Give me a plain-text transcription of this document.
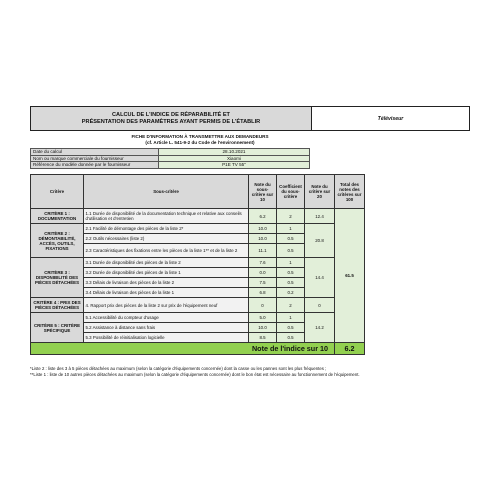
CALCUL DE L'INDICE DE RÉPARABILITÉ ET
PRÉSENTATION DES PARAMÈTRES AYANT PERMIS DE L'ÉTABLIR	Téléviseur
FICHE D'INFORMATION À TRANSMETTRE AUX DEMANDEURS
(cf. Article L. 541-9-2 du Code de l'environnement)
Date du calcul	28.10.2021
Nom ou marque commerciale du fournisseur	Xiaomi
Référence du modèle donnée par le fournisseur	P1E TV 55"
Critère	Sous-critère	Note du sous-critère sur 10	Coefficient du sous-critère	Note du critère sur 20	Total des notes des critères sur 100	
CRITÈRE 1 : DOCUMENTATION	1.1 Durée de disponibilité de la documentation technique et relative aux conseils d'utilisation et d'entretien	6.2	2	12.4	61.5	
CRITÈRE 2 : DÉMONTABILITÉ, ACCÈS, OUTILS, FIXATIONS	2.1 Facilité de démontage des pièces de la liste 2*	10.0	1	20.8		
	2.2 Outils nécessaires (liste 2)	10.0	0.5			
	2.3 Caractéristiques des fixations entre les pièces de la liste 1** et de la liste 2	11.1	0.5			
CRITÈRE 3 : DISPONIBILITÉ DES PIÈCES DÉTACHÉES	3.1 Durée de disponibilité des pièces de la liste 2	7.6	1	14.4		
	3.2 Durée de disponibilité des pièces de la liste 1	0.0	0.5			
	3.3 Délais de livraison des pièces de la liste 2	7.5	0.5			
	3.4 Délais de livraison des pièces de la liste 1	6.8	0.2			
CRITÈRE 4 : PRIX DES PIÈCES DÉTACHÉES	4. Rapport prix des pièces de la liste 2 sur prix de l'équipement neuf	0	2	0		
CRITÈRE 5 : CRITÈRE SPÉCIFIQUE	5.1 Accessibilité du compteur d'usage	5.0	1	14.2		
	5.2 Assistance à distance sans frais	10.0	0.5			
	5.3 Possibilité de réinitialisation logicielle	8.5	0.5			
Note de l'indice sur 10					6.2	
*Liste 2 : liste des 3 à 5 pièces détachées au maximum (selon la catégorie d'équipements concernée) dont la casse ou les pannes sont les plus fréquentes ;
**Liste 1 : liste de 10 autres pièces détachées au maximum (selon la catégorie d'équipements concernée) dont le bon état est nécessaire au fonctionnement de l'équipement.
